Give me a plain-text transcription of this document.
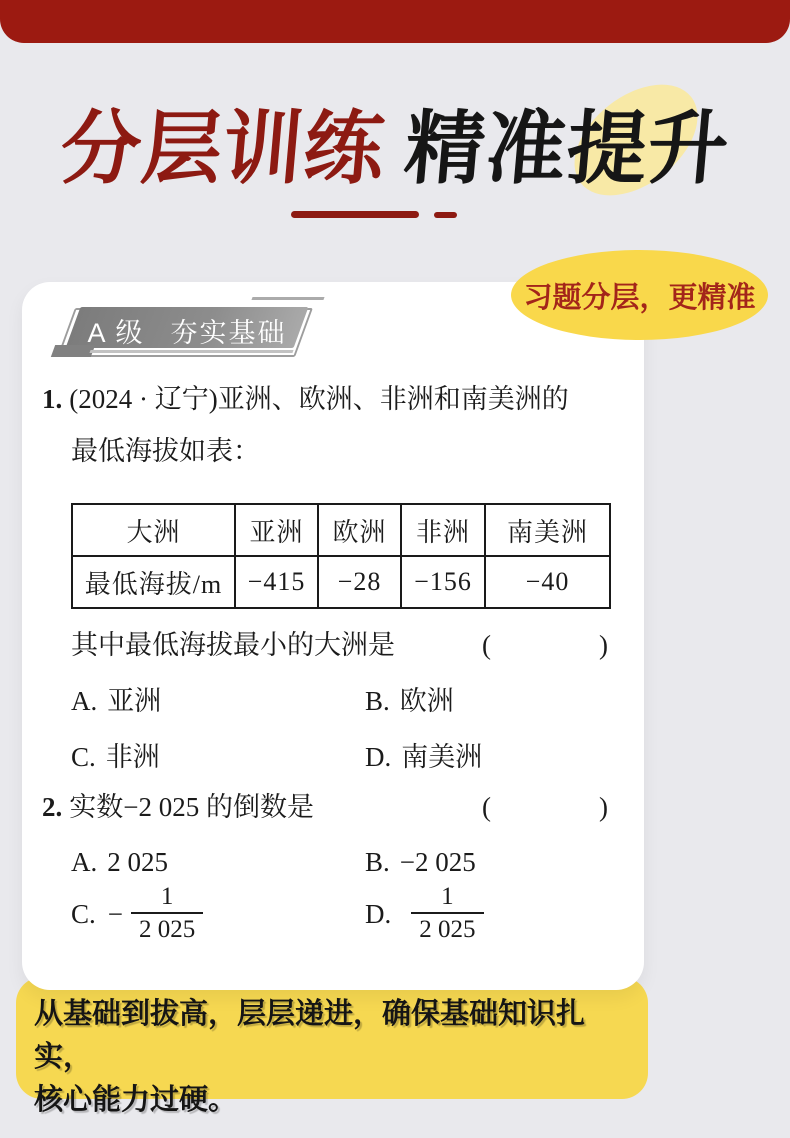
分层训练 精准提升
习题分层，更精准
从基础到拔高，层层递进，确保基础知识扎实，
核心能力过硬。
A 级 夯实基础
1. (2024 · 辽宁)亚洲、欧洲、非洲和南美洲的
最低海拔如表：
大洲	亚洲	欧洲	非洲	南美洲
最低海拔/m −415	−28	−156	−40
其中最低海拔最小的大洲是	(                )
A. 亚洲	B. 欧洲
C. 非洲	D. 南美洲
2. 实数−2 025 的倒数是	(                )
A. 2 025	B. −2 025
C. − $\frac{1}{2 025}$	D. $\frac{1}{2 025}$
